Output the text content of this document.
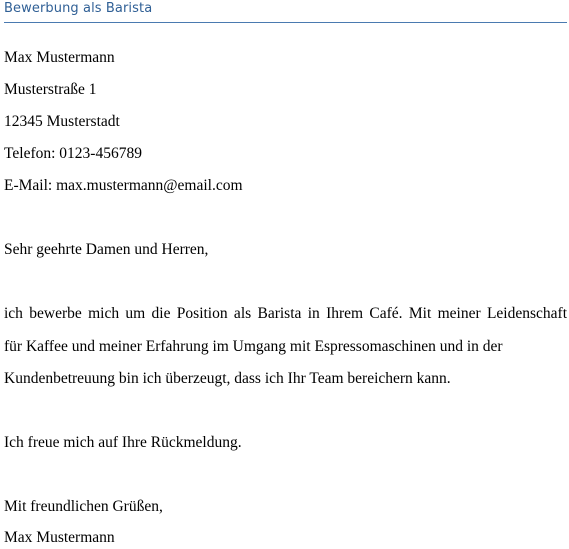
Bewerbung als Barista

Max Mustermann

Musterstraße 1

12345 Musterstadt

Telefon: 0123-456789

E-Mail: max.mustermann@email.com

Sehr geehrte Damen und Herren,

ich bewerbe mich um die Position als Barista in Ihrem Café. Mit meiner Leidenschaft

für Kaffee und meiner Erfahrung im Umgang mit Espressomaschinen und in der

Kundenbetreuung bin ich überzeugt, dass ich Ihr Team bereichern kann.

Ich freue mich auf Ihre Rückmeldung.

Mit freundlichen Grüßen,

Max Mustermann
